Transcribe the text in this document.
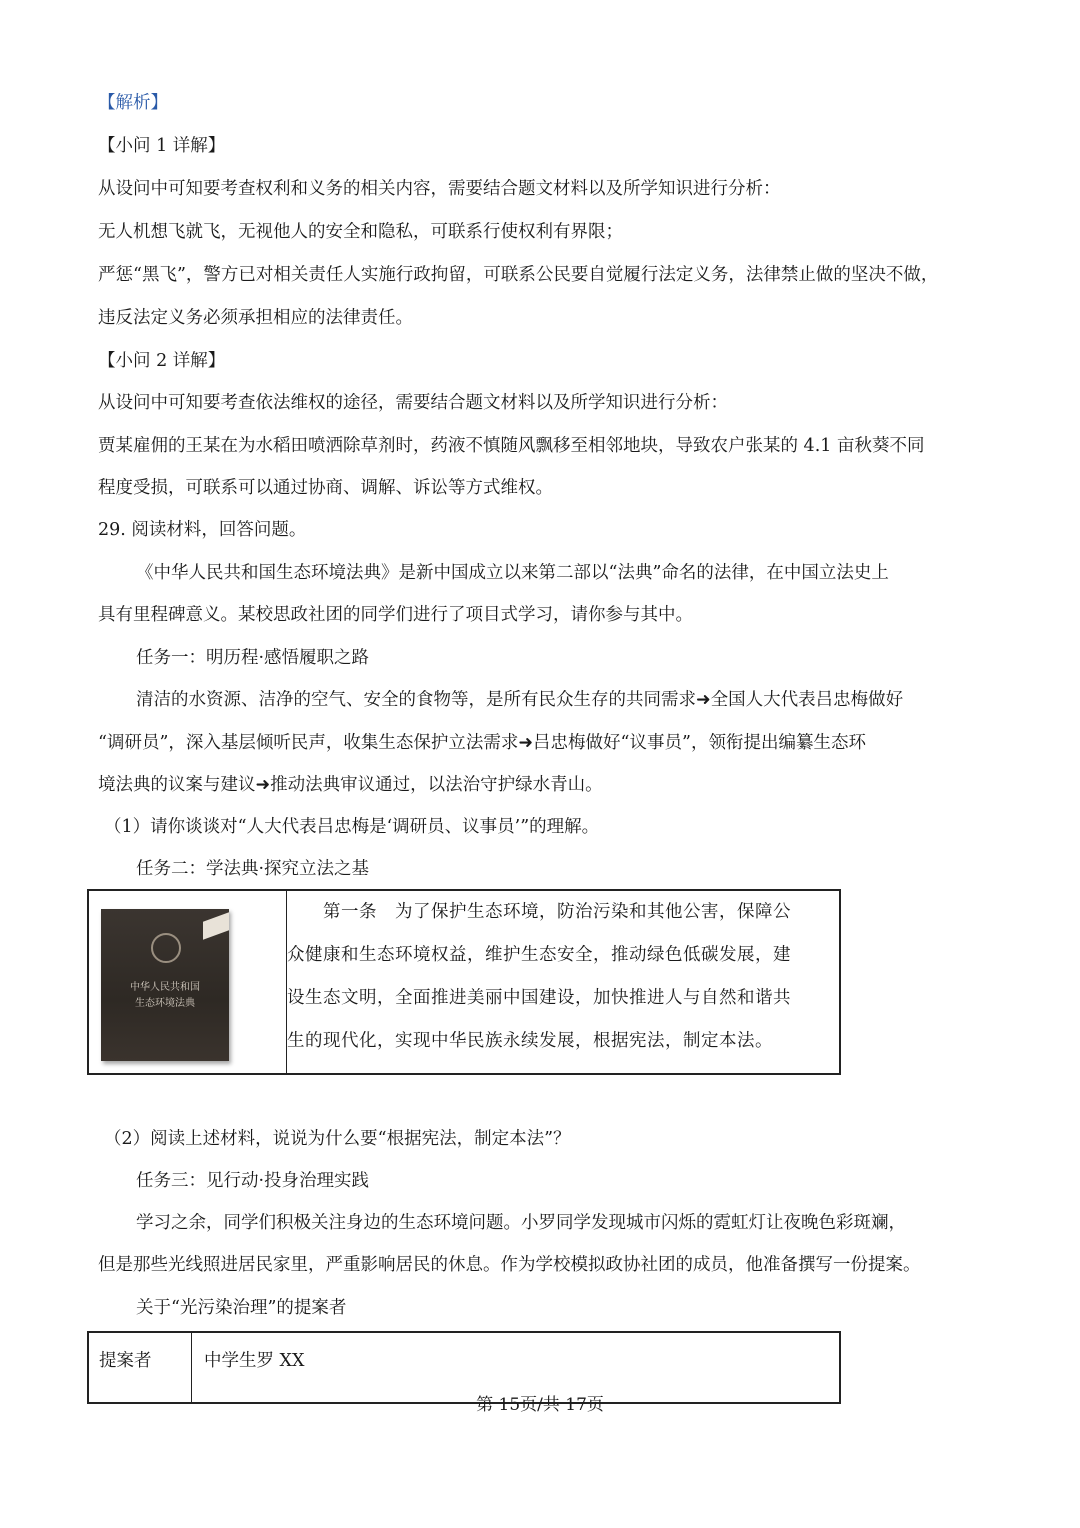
【解析】
【小问 1 详解】
从设问中可知要考查权利和义务的相关内容，需要结合题文材料以及所学知识进行分析：
无人机想飞就飞，无视他人的安全和隐私，可联系行使权利有界限；
严惩“黑飞”，警方已对相关责任人实施行政拘留，可联系公民要自觉履行法定义务，法律禁止做的坚决不做，
违反法定义务必须承担相应的法律责任。
【小问 2 详解】
从设问中可知要考查依法维权的途径，需要结合题文材料以及所学知识进行分析：
贾某雇佣的王某在为水稻田喷洒除草剂时，药液不慎随风飘移至相邻地块，导致农户张某的 4.1 亩秋葵不同
程度受损，可联系可以通过协商、调解、诉讼等方式维权。
29. 阅读材料，回答问题。
《中华人民共和国生态环境法典》是新中国成立以来第二部以“法典”命名的法律，在中国立法史上
具有里程碑意义。某校思政社团的同学们进行了项目式学习，请你参与其中。
任务一：明历程·感悟履职之路
清洁的水资源、洁净的空气、安全的食物等，是所有民众生存的共同需求➜全国人大代表吕忠梅做好
“调研员”，深入基层倾听民声，收集生态保护立法需求➜吕忠梅做好“议事员”，领衔提出编纂生态环
境法典的议案与建议➜推动法典审议通过，以法治守护绿水青山。
（1）请你谈谈对“人大代表吕忠梅是‘调研员、议事员’”的理解。
任务二：学法典·探究立法之基
中华人民共和国
生态环境法典

第一条　为了保护生态环境，防治污染和其他公害，保障公
众健康和生态环境权益，维护生态安全，推动绿色低碳发展，建
设生态文明，全面推进美丽中国建设，加快推进人与自然和谐共
生的现代化，实现中华民族永续发展，根据宪法，制定本法。
（2）阅读上述材料，说说为什么要“根据宪法，制定本法”？
任务三：见行动·投身治理实践
学习之余，同学们积极关注身边的生态环境问题。小罗同学发现城市闪烁的霓虹灯让夜晚色彩斑斓，
但是那些光线照进居民家里，严重影响居民的休息。作为学校模拟政协社团的成员，他准备撰写一份提案。
关于“光污染治理”的提案者
提案者	中学生罗 XX
第 15页/共 17页
